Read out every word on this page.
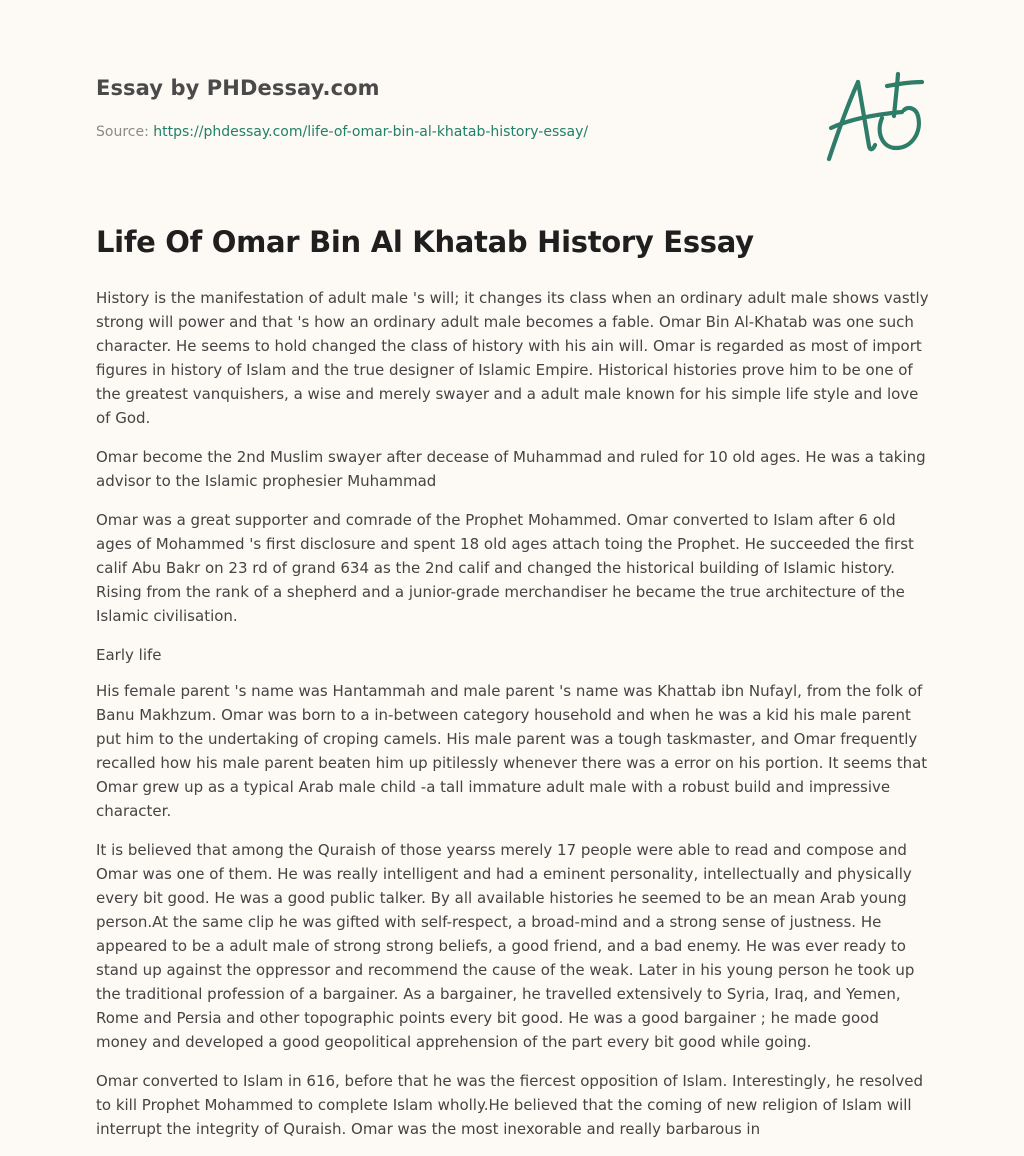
Essay by PHDessay.com
Source: https://phdessay.com/life-of-omar-bin-al-khatab-history-essay/
Life Of Omar Bin Al Khatab History Essay

History is the manifestation of adult male 's will; it changes its class when an ordinary adult male shows vastly strong will power and that 's how an ordinary adult male becomes a fable. Omar Bin Al-Khatab was one such character. He seems to hold changed the class of history with his ain will. Omar is regarded as most of import figures in history of Islam and the true designer of Islamic Empire. Historical histories prove him to be one of the greatest vanquishers, a wise and merely swayer and a adult male known for his simple life style and love of God.

Omar become the 2nd Muslim swayer after decease of Muhammad and ruled for 10 old ages. He was a taking advisor to the Islamic prophesier Muhammad

Omar was a great supporter and comrade of the Prophet Mohammed. Omar converted to Islam after 6 old ages of Mohammed 's first disclosure and spent 18 old ages attach toing the Prophet. He succeeded the first calif Abu Bakr on 23 rd of grand 634 as the 2nd calif and changed the historical building of Islamic history. Rising from the rank of a shepherd and a junior-grade merchandiser he became the true architecture of the Islamic civilisation.

Early life

His female parent 's name was Hantammah and male parent 's name was Khattab ibn Nufayl, from the folk of Banu Makhzum. Omar was born to a in-between category household and when he was a kid his male parent put him to the undertaking of croping camels. His male parent was a tough taskmaster, and Omar frequently recalled how his male parent beaten him up pitilessly whenever there was a error on his portion. It seems that Omar grew up as a typical Arab male child -a tall immature adult male with a robust build and impressive character.

It is believed that among the Quraish of those yearss merely 17 people were able to read and compose and Omar was one of them. He was really intelligent and had a eminent personality, intellectually and physically every bit good. He was a good public talker. By all available histories he seemed to be an mean Arab young person.At the same clip he was gifted with self-respect, a broad-mind and a strong sense of justness. He appeared to be a adult male of strong strong beliefs, a good friend, and a bad enemy. He was ever ready to stand up against the oppressor and recommend the cause of the weak. Later in his young person he took up the traditional profession of a bargainer. As a bargainer, he travelled extensively to Syria, Iraq, and Yemen, Rome and Persia and other topographic points every bit good. He was a good bargainer ; he made good money and developed a good geopolitical apprehension of the part every bit good while going.

Omar converted to Islam in 616, before that he was the fiercest opposition of Islam. Interestingly, he resolved to kill Prophet Mohammed to complete Islam wholly.He believed that the coming of new religion of Islam will interrupt the integrity of Quraish. Omar was the most inexorable and really barbarous in
